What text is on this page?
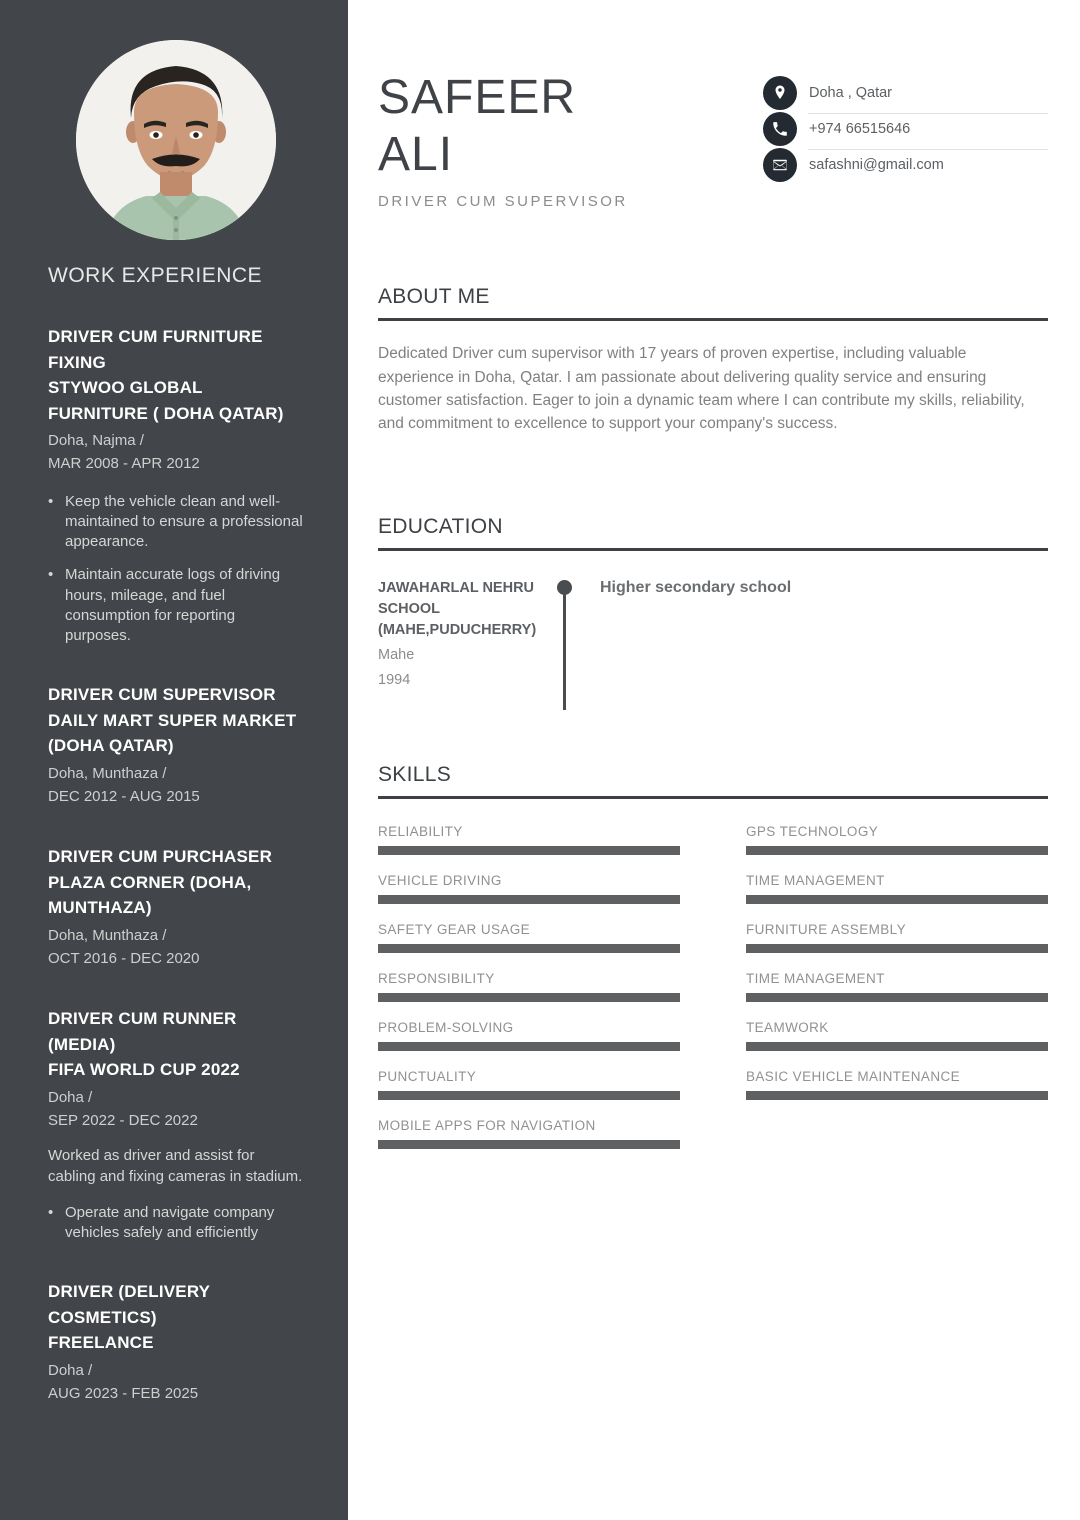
WORK EXPERIENCE
DRIVER CUM FURNITURE FIXING
STYWOO GLOBAL FURNITURE ( DOHA QATAR)
Doha, Najma /
MAR 2008 - APR 2012
• Keep the vehicle clean and well-maintained to ensure a professional appearance.
• Maintain accurate logs of driving hours, mileage, and fuel consumption for reporting purposes.
DRIVER CUM SUPERVISOR
DAILY MART SUPER MARKET (DOHA QATAR)
Doha, Munthaza /
DEC 2012 - AUG 2015
DRIVER CUM PURCHASER
PLAZA CORNER (DOHA, MUNTHAZA)
Doha, Munthaza /
OCT 2016 - DEC 2020
DRIVER CUM RUNNER (MEDIA)
FIFA WORLD CUP 2022
Doha /
SEP 2022 - DEC 2022
Worked as driver and assist for cabling and fixing cameras in stadium.
• Operate and navigate company vehicles safely and efficiently
DRIVER (DELIVERY COSMETICS)
FREELANCE
Doha /
AUG 2023 - FEB 2025
SAFEER
ALI
DRIVER CUM SUPERVISOR
Doha , Qatar
+974 66515646
safashni@gmail.com
ABOUT ME

Dedicated Driver cum supervisor with 17 years of proven expertise, including valuable experience in Doha, Qatar. I am passionate about delivering quality service and ensuring customer satisfaction. Eager to join a dynamic team where I can contribute my skills, reliability, and commitment to excellence to support your company's success.

EDUCATION
JAWAHARLAL NEHRU SCHOOL (MAHE,PUDUCHERRY)
Mahe
1994
Higher secondary school
SKILLS
RELIABILITY
VEHICLE DRIVING
SAFETY GEAR USAGE
RESPONSIBILITY
PROBLEM-SOLVING
PUNCTUALITY
MOBILE APPS FOR NAVIGATION
GPS TECHNOLOGY
TIME MANAGEMENT
FURNITURE ASSEMBLY
TIME MANAGEMENT
TEAMWORK
BASIC VEHICLE MAINTENANCE
